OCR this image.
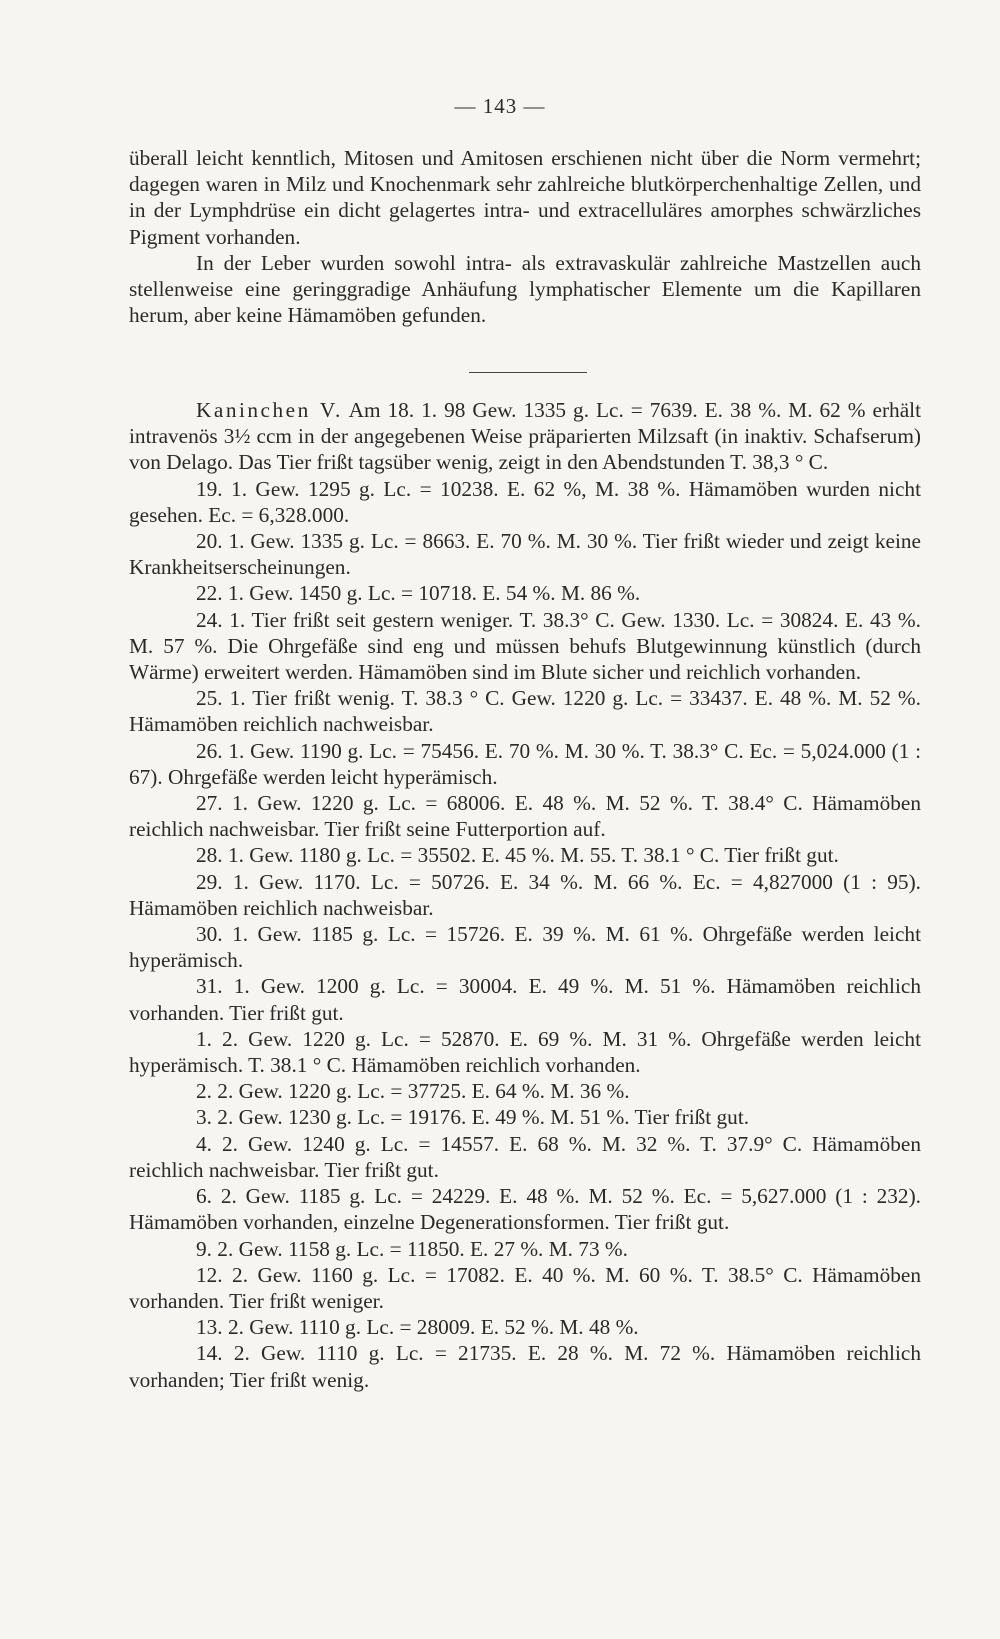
— 143 —

überall leicht kenntlich, Mitosen und Amitosen erschienen nicht über die Norm vermehrt; dagegen waren in Milz und Knochenmark sehr zahlreiche blutkörperchenhaltige Zellen, und in der Lymphdrüse ein dicht gelagertes intra- und extracelluläres amorphes schwärzliches Pigment vorhanden.

In der Leber wurden sowohl intra- als extravaskulär zahlreiche Mastzellen auch stellenweise eine geringgradige Anhäufung lymphatischer Elemente um die Kapillaren herum, aber keine Hämamöben gefunden.

Kaninchen V. Am 18. 1. 98 Gew. 1335 g. Lc. = 7639. E. 38 %. M. 62 % erhält intravenös 3½ ccm in der angegebenen Weise präparierten Milzsaft (in inaktiv. Schafserum) von Delago. Das Tier frißt tagsüber wenig, zeigt in den Abendstunden T. 38,3 ° C.

19. 1. Gew. 1295 g. Lc. = 10238. E. 62 %, M. 38 %. Hämamöben wurden nicht gesehen. Ec. = 6,328.000.

20. 1. Gew. 1335 g. Lc. = 8663. E. 70 %. M. 30 %. Tier frißt wieder und zeigt keine Krankheitserscheinungen.

22. 1. Gew. 1450 g. Lc. = 10718. E. 54 %. M. 86 %.

24. 1. Tier frißt seit gestern weniger. T. 38.3° C. Gew. 1330. Lc. = 30824. E. 43 %. M. 57 %. Die Ohrgefäße sind eng und müssen behufs Blutgewinnung künstlich (durch Wärme) erweitert werden. Hämamöben sind im Blute sicher und reichlich vorhanden.

25. 1. Tier frißt wenig. T. 38.3 ° C. Gew. 1220 g. Lc. = 33437. E. 48 %. M. 52 %. Hämamöben reichlich nachweisbar.

26. 1. Gew. 1190 g. Lc. = 75456. E. 70 %. M. 30 %. T. 38.3° C. Ec. = 5,024.000 (1 : 67). Ohrgefäße werden leicht hyperämisch.

27. 1. Gew. 1220 g. Lc. = 68006. E. 48 %. M. 52 %. T. 38.4° C. Hämamöben reichlich nachweisbar. Tier frißt seine Futterportion auf.

28. 1. Gew. 1180 g. Lc. = 35502. E. 45 %. M. 55. T. 38.1 ° C. Tier frißt gut.

29. 1. Gew. 1170. Lc. = 50726. E. 34 %. M. 66 %. Ec. = 4,827000 (1 : 95). Hämamöben reichlich nachweisbar.

30. 1. Gew. 1185 g. Lc. = 15726. E. 39 %. M. 61 %. Ohrgefäße werden leicht hyperämisch.

31. 1. Gew. 1200 g. Lc. = 30004. E. 49 %. M. 51 %. Hämamöben reichlich vorhanden. Tier frißt gut.

1. 2. Gew. 1220 g. Lc. = 52870. E. 69 %. M. 31 %. Ohrgefäße werden leicht hyperämisch. T. 38.1 ° C. Hämamöben reichlich vorhanden.

2. 2. Gew. 1220 g. Lc. = 37725. E. 64 %. M. 36 %.

3. 2. Gew. 1230 g. Lc. = 19176. E. 49 %. M. 51 %. Tier frißt gut.

4. 2. Gew. 1240 g. Lc. = 14557. E. 68 %. M. 32 %. T. 37.9° C. Hämamöben reichlich nachweisbar. Tier frißt gut.

6. 2. Gew. 1185 g. Lc. = 24229. E. 48 %. M. 52 %. Ec. = 5,627.000 (1 : 232). Hämamöben vorhanden, einzelne Degenerationsformen. Tier frißt gut.

9. 2. Gew. 1158 g. Lc. = 11850. E. 27 %. M. 73 %.

12. 2. Gew. 1160 g. Lc. = 17082. E. 40 %. M. 60 %. T. 38.5° C. Hämamöben vorhanden. Tier frißt weniger.

13. 2. Gew. 1110 g. Lc. = 28009. E. 52 %. M. 48 %.

14. 2. Gew. 1110 g. Lc. = 21735. E. 28 %. M. 72 %. Hämamöben reichlich vorhanden; Tier frißt wenig.
